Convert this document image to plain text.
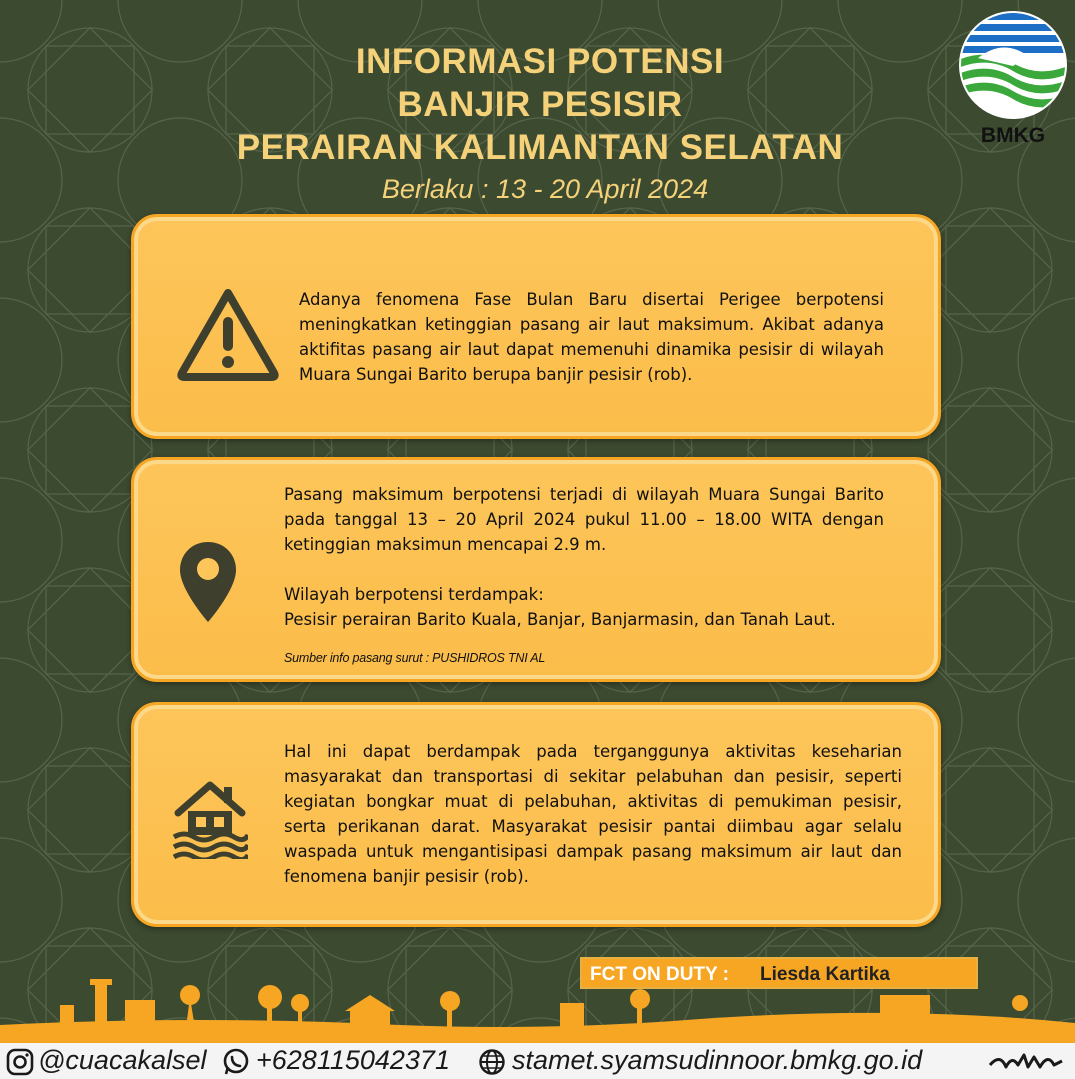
BMKG
INFORMASI POTENSI
BANJIR PESISIR
PERAIRAN KALIMANTAN SELATAN
Berlaku : 13 - 20 April 2024
Adanya fenomena Fase Bulan Baru disertai Perigee berpotensi meningkatkan ketinggian pasang air laut maksimum. Akibat adanya aktifitas pasang air laut dapat memenuhi dinamika pesisir di wilayah Muara Sungai Barito berupa banjir pesisir (rob).
Pasang maksimum berpotensi terjadi di wilayah Muara Sungai Barito pada tanggal 13 – 20 April 2024 pukul 11.00 – 18.00 WITA dengan ketinggian maksimun mencapai 2.9 m.
Wilayah berpotensi terdampak:
Pesisir perairan Barito Kuala, Banjar, Banjarmasin, dan Tanah Laut.
Sumber info pasang surut : PUSHIDROS TNI AL
Hal ini dapat berdampak pada terganggunya aktivitas keseharian masyarakat dan transportasi di sekitar pelabuhan dan pesisir, seperti kegiatan bongkar muat di pelabuhan, aktivitas di pemukiman pesisir, serta perikanan darat. Masyarakat pesisir pantai diimbau agar selalu waspada untuk mengantisipasi dampak pasang maksimum air laut dan fenomena banjir pesisir (rob).
FCT ON DUTY : Liesda Kartika
@cuacakalsel +628115042371 stamet.syamsudinnoor.bmkg.go.id
